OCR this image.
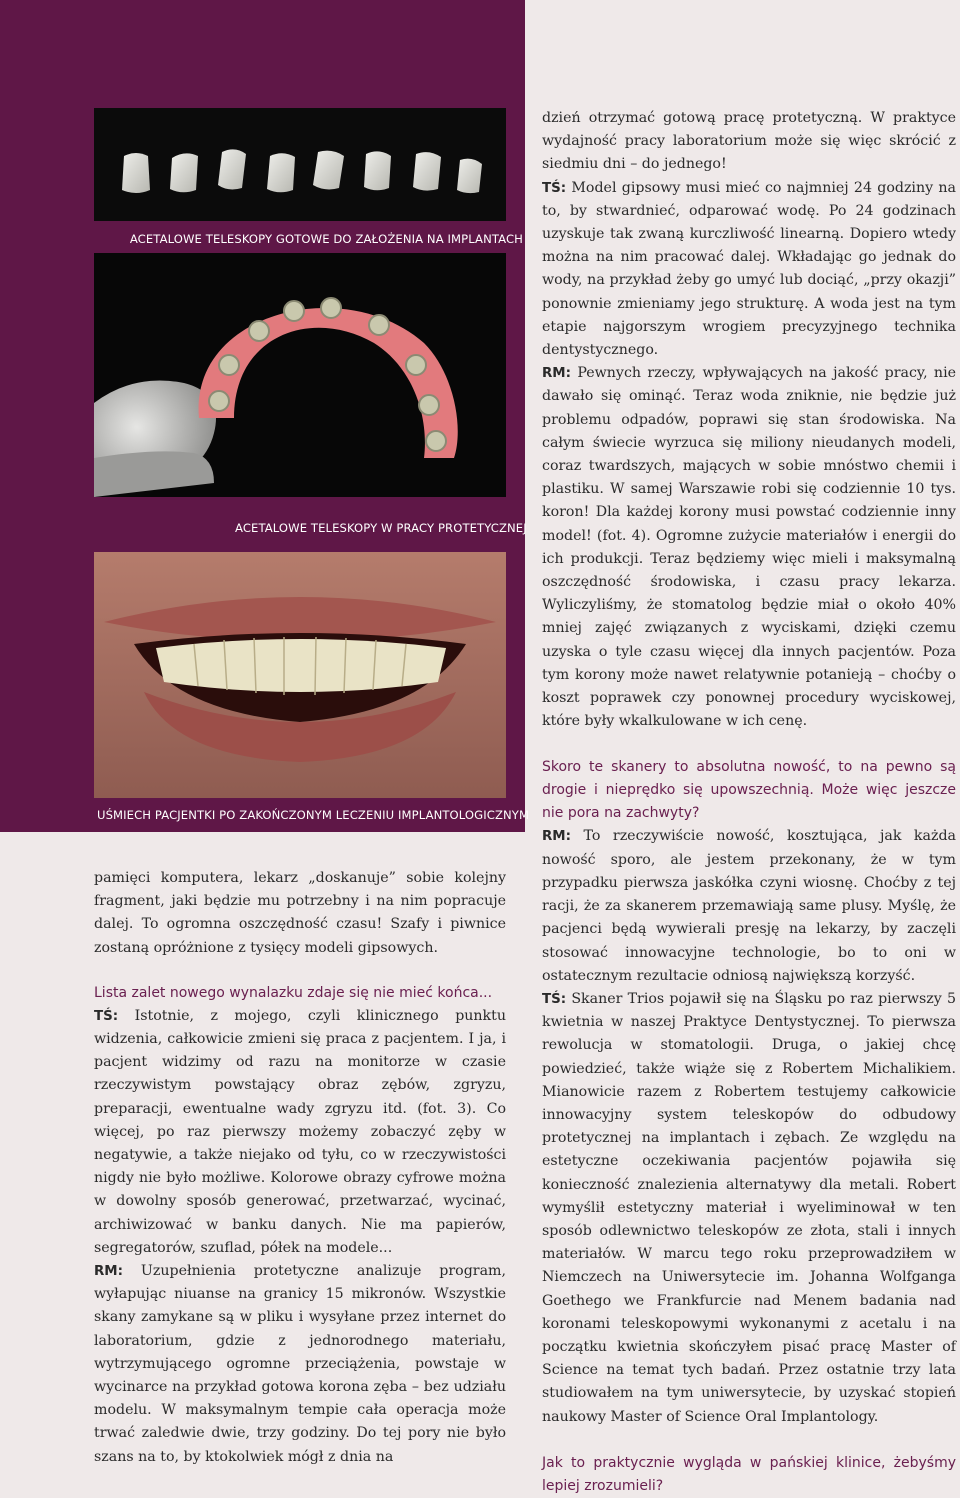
ACETALOWE TELESKOPY GOTOWE DO ZAŁOŻENIA NA IMPLANTACH
ACETALOWE TELESKOPY W PRACY PROTETYCZNEJ
UŚMIECH PACJENTKI PO ZAKOŃCZONYM LECZENIU IMPLANTOLOGICZNYM

pamięci komputera, lekarz „doskanuje” sobie kolejny fragment, jaki będzie mu potrzebny i na nim popracuje dalej. To ogromna oszczędność czasu! Szafy i piwnice zostaną opróżnione z tysięcy modeli gipsowych.

Lista zalet nowego wynalazku zdaje się nie mieć końca...

TŚ: Istotnie, z mojego, czyli klinicznego punktu widzenia, całkowicie zmieni się praca z pacjentem. I ja, i pacjent widzimy od razu na monitorze w czasie rzeczywistym powstający obraz zębów, zgryzu, preparacji, ewentualne wady zgryzu itd. (fot. 3). Co więcej, po raz pierwszy możemy zobaczyć zęby w negatywie, a także niejako od tyłu, co w rzeczywistości nigdy nie było możliwe. Kolorowe obrazy cyfrowe można w dowolny sposób generować, przetwarzać, wycinać, archiwizować w banku danych. Nie ma papierów, segregatorów, szuflad, półek na modele...

RM: Uzupełnienia protetyczne analizuje program, wyłapując niuanse na granicy 15 mikronów. Wszystkie skany zamykane są w pliku i wysyłane przez internet do laboratorium, gdzie z jednorodnego materiału, wytrzymującego ogromne przeciążenia, powstaje w wycinarce na przykład gotowa korona zęba – bez udziału modelu. W maksymalnym tempie cała operacja może trwać zaledwie dwie, trzy godziny. Do tej pory nie było szans na to, by ktokolwiek mógł z dnia na

dzień otrzymać gotową pracę protetyczną. W praktyce wydajność pracy laboratorium może się więc skrócić z siedmiu dni – do jednego!

TŚ: Model gipsowy musi mieć co najmniej 24 godziny na to, by stwardnieć, odparować wodę. Po 24 godzinach uzyskuje tak zwaną kurczliwość linearną. Dopiero wtedy można na nim pracować dalej. Wkładając go jednak do wody, na przykład żeby go umyć lub dociąć, „przy okazji” ponownie zmieniamy jego strukturę. A woda jest na tym etapie najgorszym wrogiem precyzyjnego technika dentystycznego.

RM: Pewnych rzeczy, wpływających na jakość pracy, nie dawało się ominąć. Teraz woda zniknie, nie będzie już problemu odpadów, poprawi się stan środowiska. Na całym świecie wyrzuca się miliony nieudanych modeli, coraz twardszych, mających w sobie mnóstwo chemii i plastiku. W samej Warszawie robi się codziennie 10 tys. koron! Dla każdej korony musi powstać codziennie inny model! (fot. 4). Ogromne zużycie materiałów i energii do ich produkcji. Teraz będziemy więc mieli i maksymalną oszczędność środowiska, i czasu pracy lekarza. Wyliczyliśmy, że stomatolog będzie miał o około 40% mniej zajęć związanych z wyciskami, dzięki czemu uzyska o tyle czasu więcej dla innych pacjentów. Poza tym korony może nawet relatywnie potanieją – choćby o koszt poprawek czy ponownej procedury wyciskowej, które były wkalkulowane w ich cenę.

Skoro te skanery to absolutna nowość, to na pewno są drogie i nieprędko się upowszechnią. Może więc jeszcze nie pora na zachwyty?

RM: To rzeczywiście nowość, kosztująca, jak każda nowość sporo, ale jestem przekonany, że w tym przypadku pierwsza jaskółka czyni wiosnę. Choćby z tej racji, że za skanerem przemawiają same plusy. Myślę, że pacjenci będą wywierali presję na lekarzy, by zaczęli stosować innowacyjne technologie, bo to oni w ostatecznym rezultacie odniosą największą korzyść.

TŚ: Skaner Trios pojawił się na Śląsku po raz pierwszy 5 kwietnia w naszej Praktyce Dentystycznej. To pierwsza rewolucja w stomatologii. Druga, o jakiej chcę powiedzieć, także wiąże się z Robertem Michalikiem. Mianowicie razem z Robertem testujemy całkowicie innowacyjny system teleskopów do odbudowy protetycznej na implantach i zębach. Ze względu na estetyczne oczekiwania pacjentów pojawiła się konieczność znalezienia alternatywy dla metali. Robert wymyślił estetyczny materiał i wyeliminował w ten sposób odlewnictwo teleskopów ze złota, stali i innych materiałów. W marcu tego roku przeprowadziłem w Niemczech na Uniwersytecie im. Johanna Wolfganga Goethego we Frankfurcie nad Menem badania nad koronami teleskopowymi wykonanymi z acetalu i na początku kwietnia skończyłem pisać pracę Master of Science na temat tych badań. Przez ostatnie trzy lata studiowałem na tym uniwersytecie, by uzyskać stopień naukowy Master of Science Oral Implantology.

Jak to praktycznie wygląda w pańskiej klinice, żebyśmy lepiej zrozumieli?
